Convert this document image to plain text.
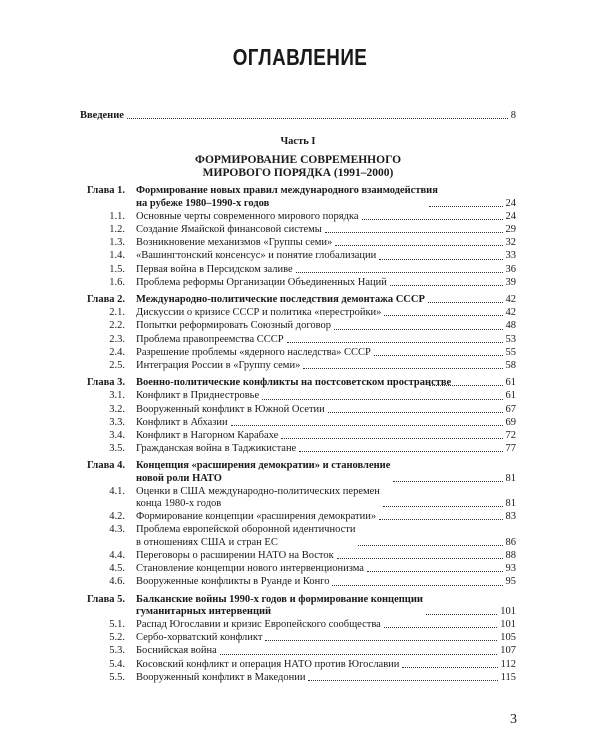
ОГЛАВЛЕНИЕ
Введение	8
Часть I
ФОРМИРОВАНИЕ СОВРЕМЕННОГО
МИРОВОГО ПОРЯДКА (1991–2000)
Глава 1.	Формирование новых правил международного взаимодействия
на рубеже 1980–1990-х годов	24
1.1.	Основные черты современного мирового порядка	24
1.2.	Создание Ямайской финансовой системы	29
1.3.	Возникновение механизмов «Группы семи»	32
1.4.	«Вашингтонский консенсус» и понятие глобализации	33
1.5.	Первая война в Персидском заливе	36
1.6.	Проблема реформы Организации Объединенных Наций	39
Глава 2.	Международно-политические последствия демонтажа СССР	42
2.1.	Дискуссии о кризисе СССР и политика «перестройки»	42
2.2.	Попытки реформировать Союзный договор	48
2.3.	Проблема правопреемства СССР	53
2.4.	Разрешение проблемы «ядерного наследства» СССР	55
2.5.	Интеграция России в «Группу семи»	58
Глава 3.	Военно-политические конфликты на постсоветском пространстве	61
3.1.	Конфликт в Приднестровье	61
3.2.	Вооруженный конфликт в Южной Осетии	67
3.3.	Конфликт в Абхазии	69
3.4.	Конфликт в Нагорном Карабахе	72
3.5.	Гражданская война в Таджикистане	77
Глава 4.	Концепция «расширения демократии» и становление
новой роли НАТО	81
4.1.	Оценки в США международно-политических перемен
конца 1980-х годов	81
4.2.	Формирование концепции «расширения демократии»	83
4.3.	Проблема европейской оборонной идентичности
в отношениях США и стран ЕС	86
4.4.	Переговоры о расширении НАТО на Восток	88
4.5.	Становление концепции нового интервенционизма	93
4.6.	Вооруженные конфликты в Руанде и Конго	95
Глава 5.	Балканские войны 1990-х годов и формирование концепции
гуманитарных интервенций	101
5.1.	Распад Югославии и кризис Европейского сообщества	101
5.2.	Сербо-хорватский конфликт	105
5.3.	Боснийская война	107
5.4.	Косовский конфликт и операция НАТО против Югославии	112
5.5.	Вооруженный конфликт в Македонии	115
3
